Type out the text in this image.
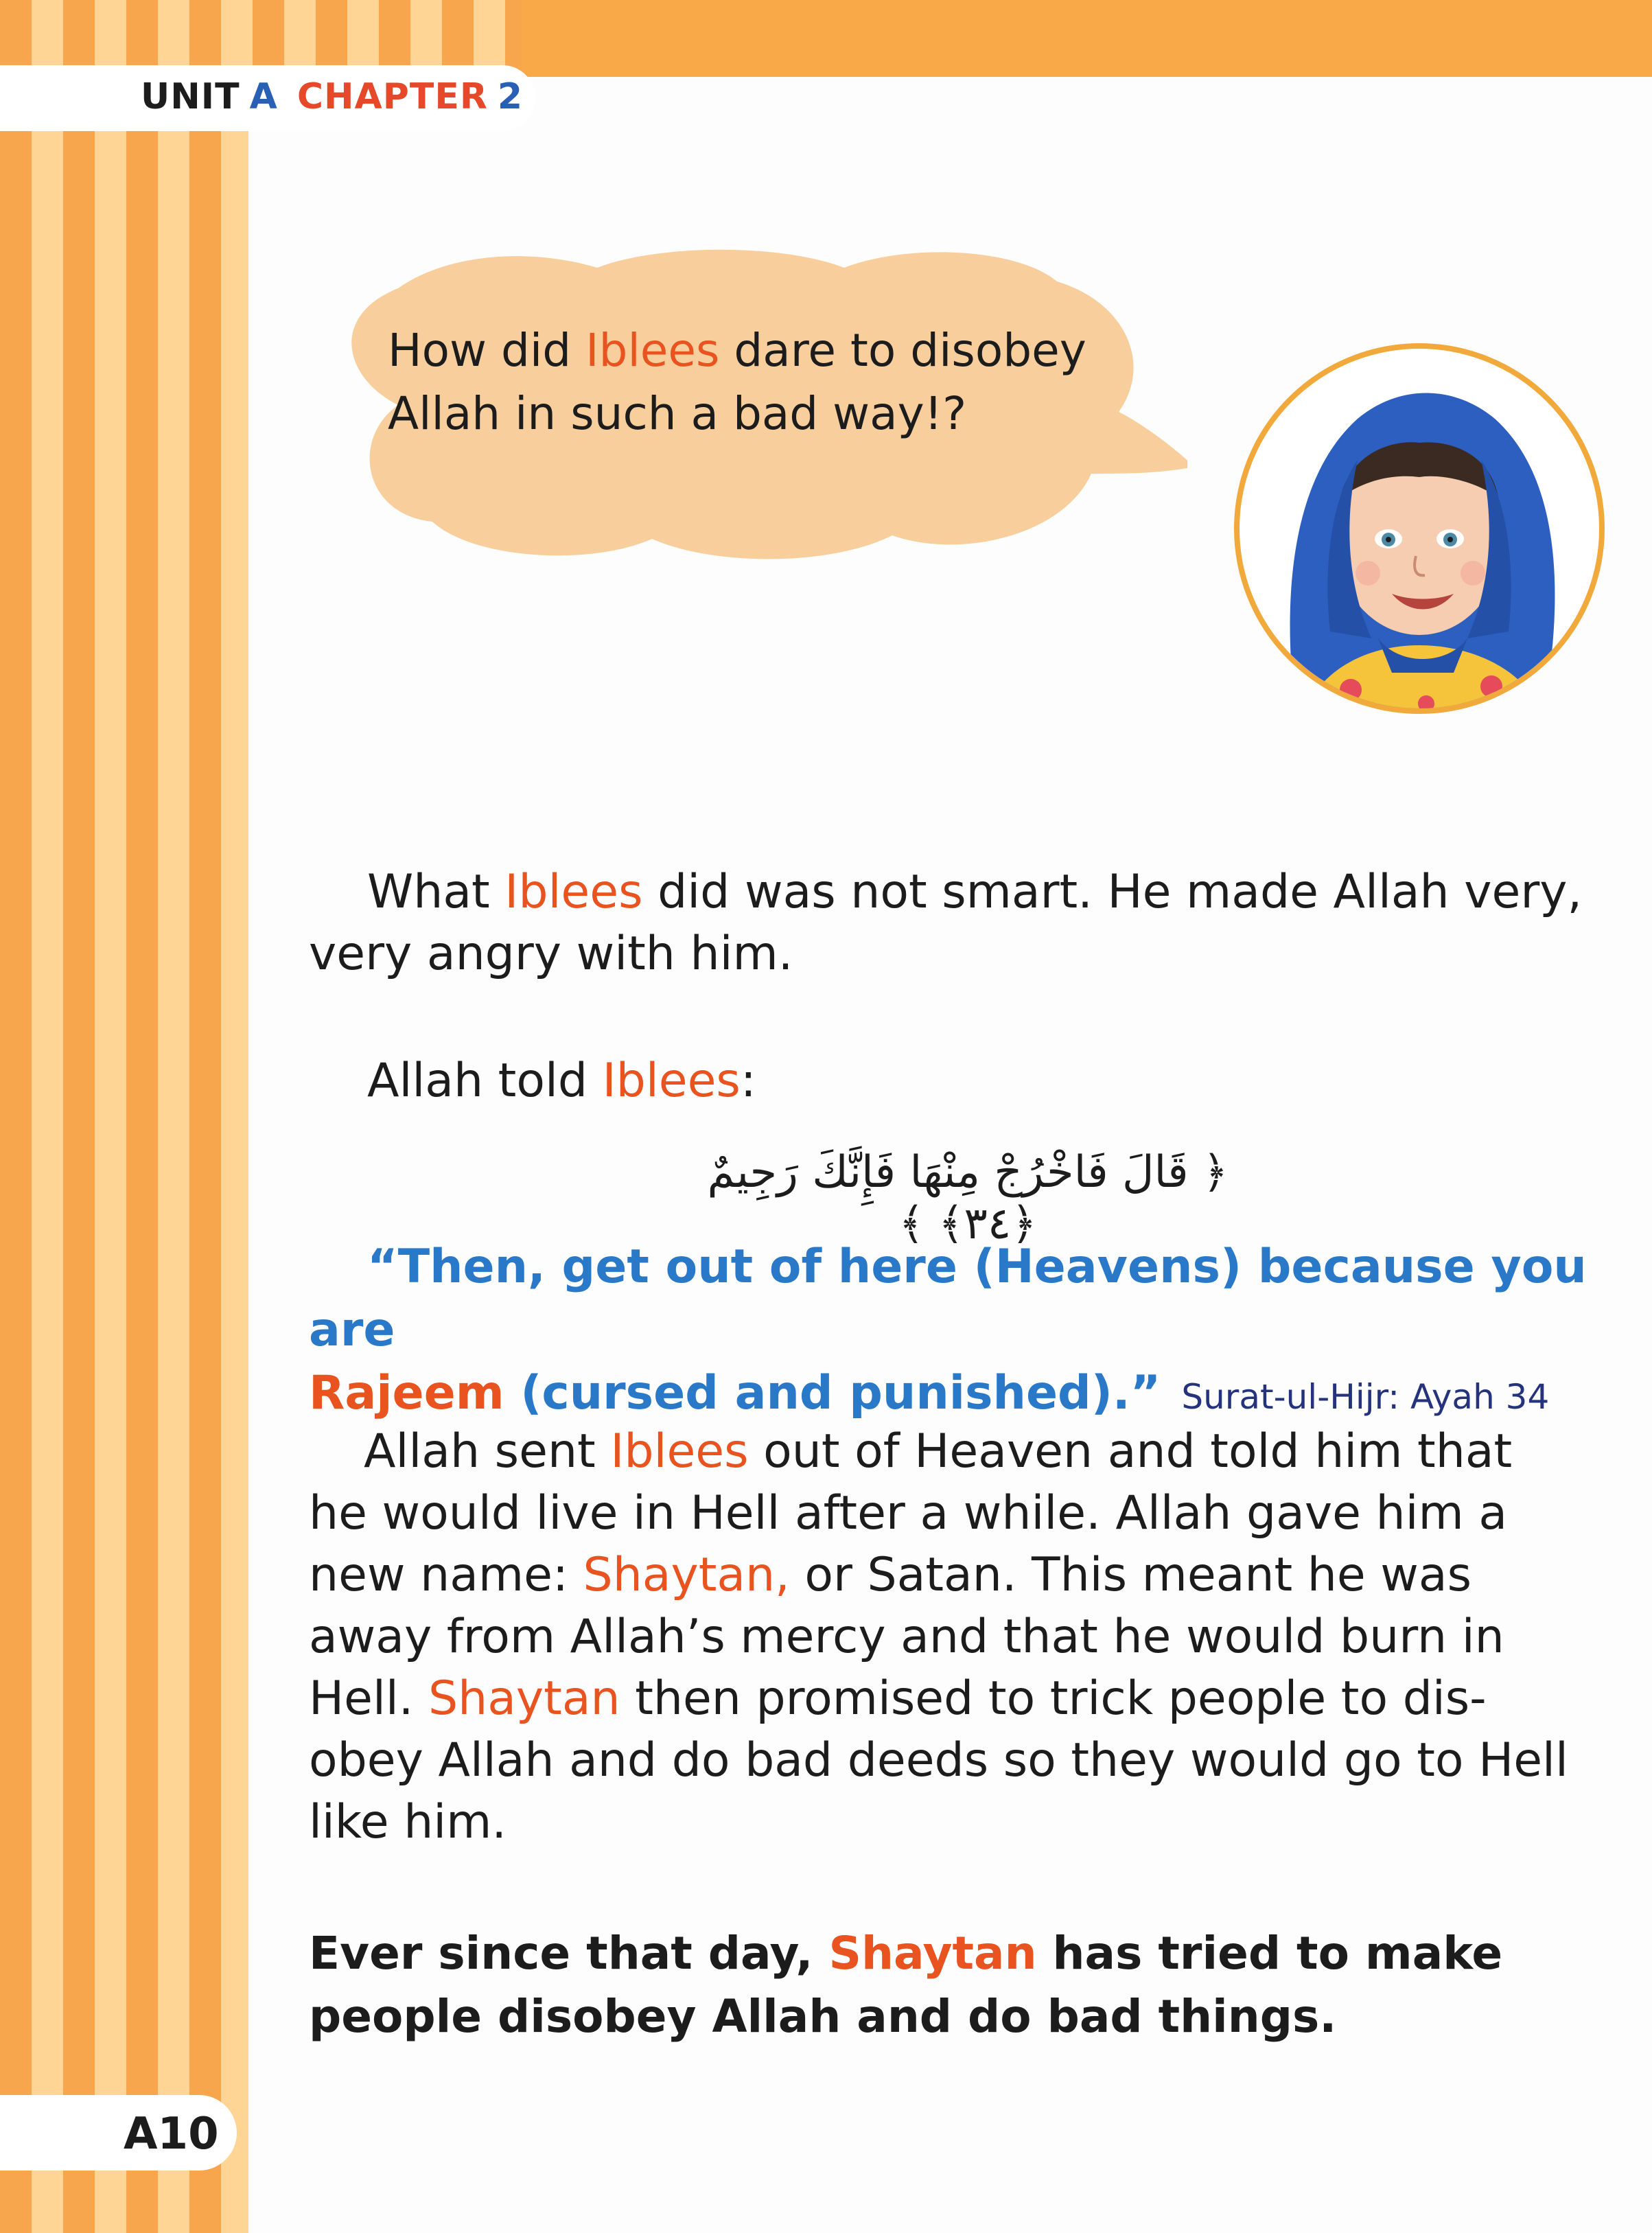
UNIT A CHAPTER 2
How did Iblees dare to disobey
Allah in such a bad way!?
What Iblees did was not smart. He made Allah very,
very angry with him.
Allah told Iblees:
﴿ قَالَ فَاخْرُجْ مِنْهَا فَإِنَّكَ رَجِيمٌ ﴿٣٤﴾ ﴾
“Then, get out of here (Heavens) because you are
Rajeem (cursed and punished).” Surat-ul-Hijr: Ayah 34
Allah sent Iblees out of Heaven and told him that
he would live in Hell after a while. Allah gave him a
new name: Shaytan, or Satan. This meant he was
away from Allah’s mercy and that he would burn in
Hell. Shaytan then promised to trick people to dis-
obey Allah and do bad deeds so they would go to Hell
like him.
Ever since that day, Shaytan has tried to make
people disobey Allah and do bad things.
A10
